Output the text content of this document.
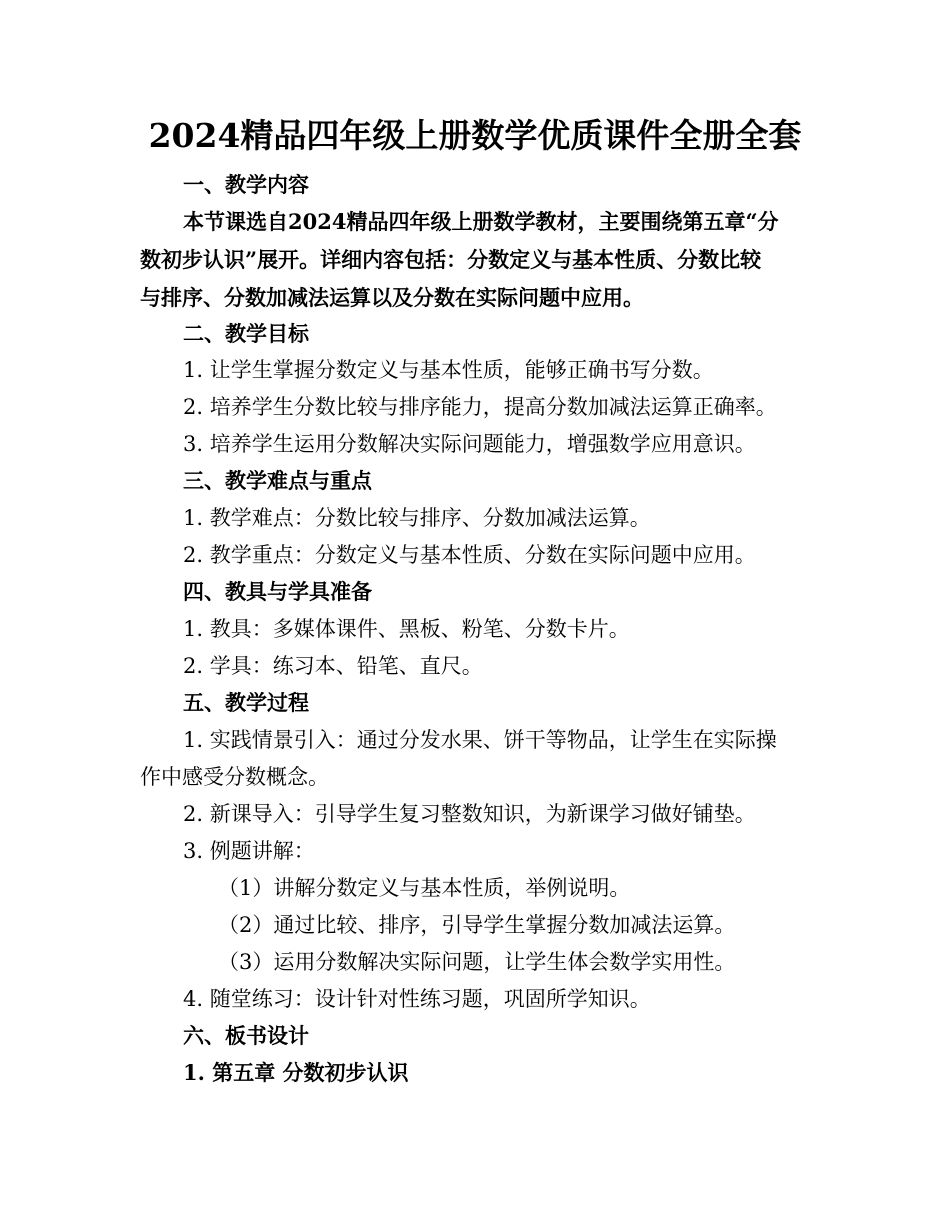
2024精品四年级上册数学优质课件全册全套
一、教学内容
本节课选自2024精品四年级上册数学教材，主要围绕第五章“分
数初步认识”展开。详细内容包括：分数定义与基本性质、分数比较
与排序、分数加减法运算以及分数在实际问题中应用。
二、教学目标
1. 让学生掌握分数定义与基本性质，能够正确书写分数。
2. 培养学生分数比较与排序能力，提高分数加减法运算正确率。
3. 培养学生运用分数解决实际问题能力，增强数学应用意识。
三、教学难点与重点
1. 教学难点：分数比较与排序、分数加减法运算。
2. 教学重点：分数定义与基本性质、分数在实际问题中应用。
四、教具与学具准备
1. 教具：多媒体课件、黑板、粉笔、分数卡片。
2. 学具：练习本、铅笔、直尺。
五、教学过程
1. 实践情景引入：通过分发水果、饼干等物品，让学生在实际操
作中感受分数概念。
2. 新课导入：引导学生复习整数知识，为新课学习做好铺垫。
3. 例题讲解：
（1）讲解分数定义与基本性质，举例说明。
（2）通过比较、排序，引导学生掌握分数加减法运算。
（3）运用分数解决实际问题，让学生体会数学实用性。
4. 随堂练习：设计针对性练习题，巩固所学知识。
六、板书设计
1. 第五章 分数初步认识
